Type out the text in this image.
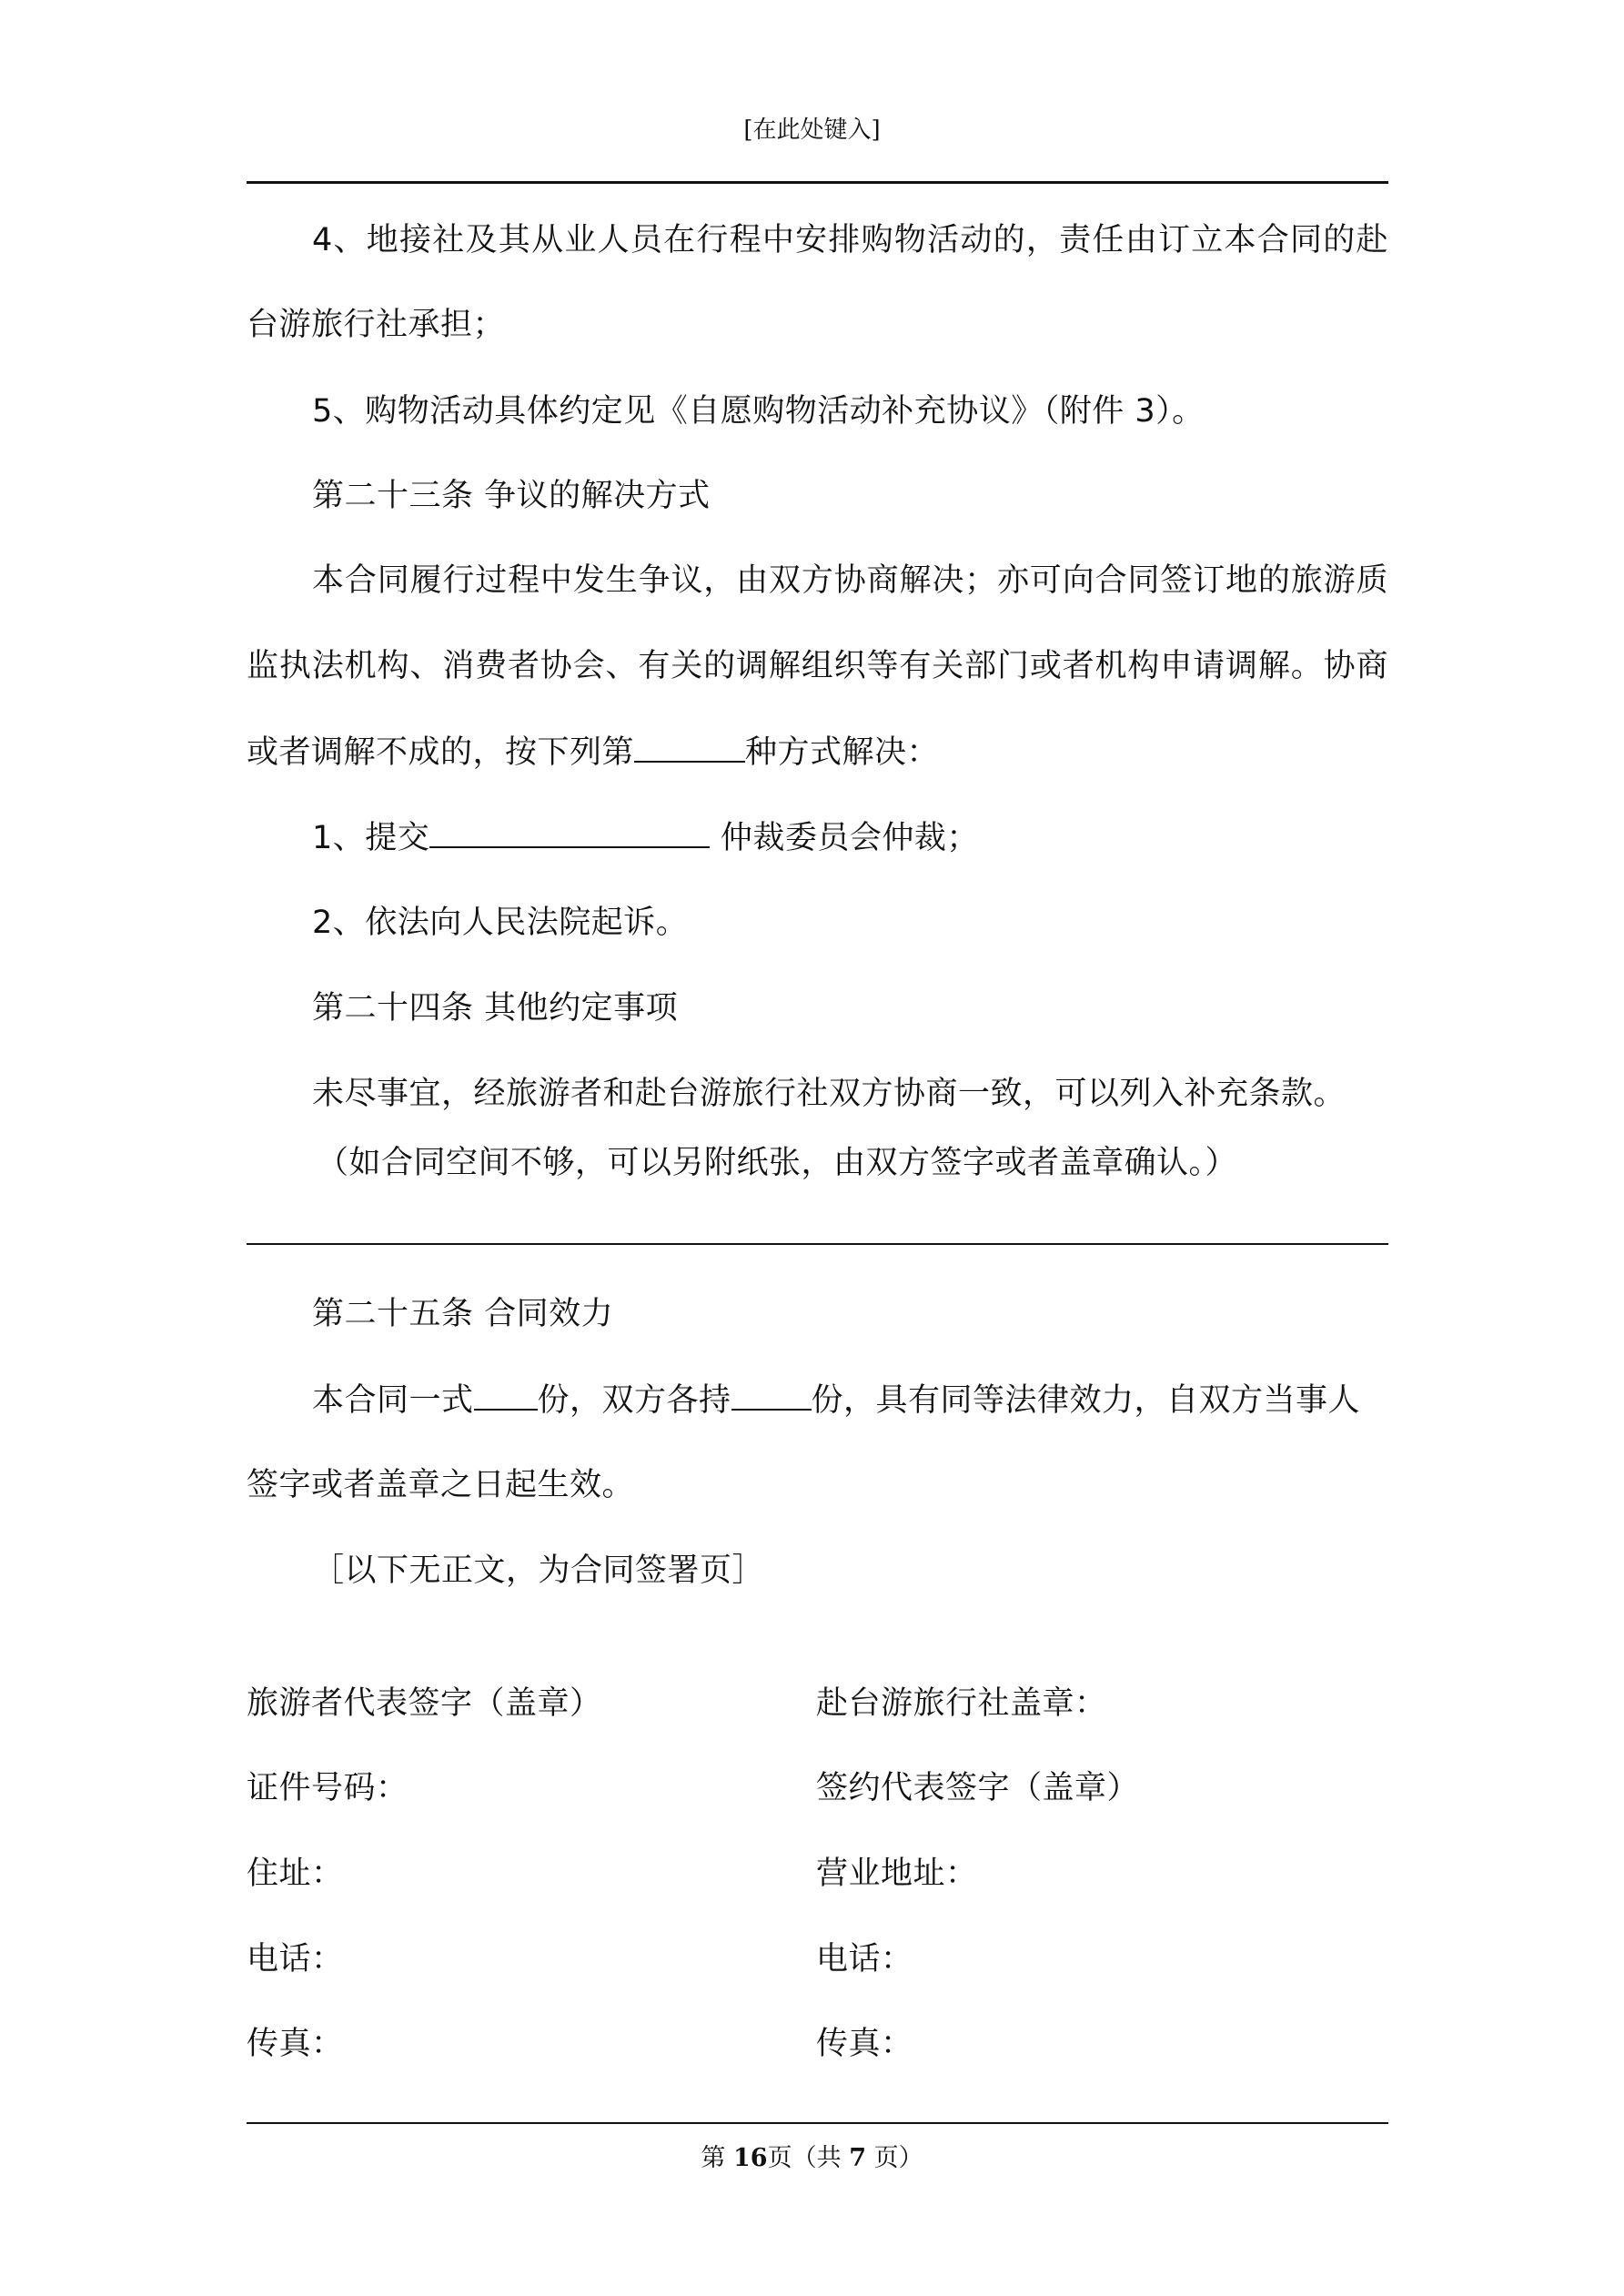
[在此处键入]
4、地接社及其从业人员在行程中安排购物活动的，责任由订立本合同的赴
台游旅行社承担；
5、购物活动具体约定见《自愿购物活动补充协议》（附件 3）。
第二十三条 争议的解决方式
本合同履行过程中发生争议，由双方协商解决；亦可向合同签订地的旅游质
监执法机构、消费者协会、有关的调解组织等有关部门或者机构申请调解。协商
或者调解不成的，按下列第	种方式解决：
1、提交	仲裁委员会仲裁；
2、依法向人民法院起诉。
第二十四条 其他约定事项
未尽事宜，经旅游者和赴台游旅行社双方协商一致，可以列入补充条款。
（如合同空间不够，可以另附纸张，由双方签字或者盖章确认。）
第二十五条 合同效力
本合同一式 份，双方各持	份，具有同等法律效力，自双方当事人
签字或者盖章之日起生效。
［以下无正文，为合同签署页］
旅游者代表签字（盖章）	赴台游旅行社盖章：
证件号码：	签约代表签字（盖章）
住址：	营业地址：
电话：	电话：
传真：	传真：
第 16页（共 7 页）
